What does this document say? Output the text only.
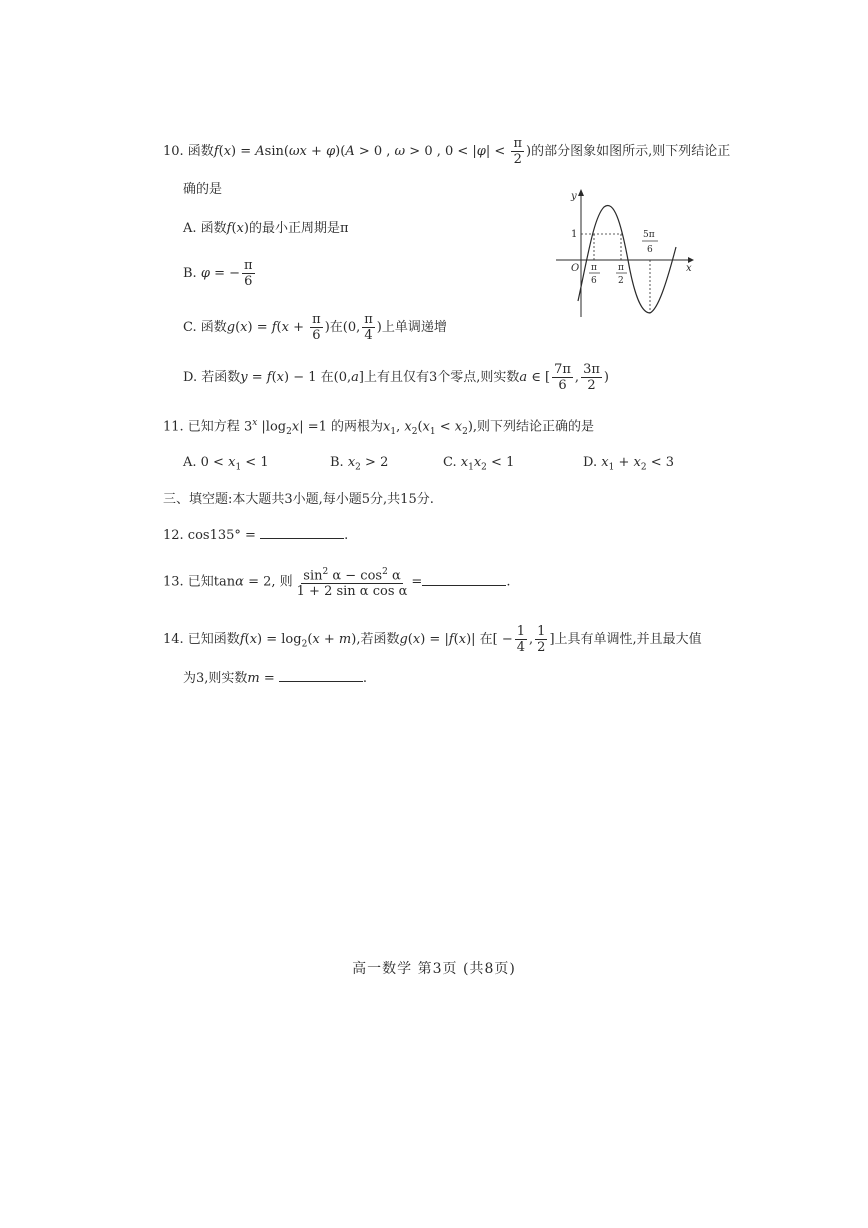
10. 函数f(x) = Asin(ωx + φ)(A > 0 , ω > 0 , $0 < |\varphi| < \frac{\pi}{2}$ )的部分图象如图所示,则下列结论正
确的是
A. 函数f(x)的最小正周期是π
B. φ = − $\frac{\pi}{6}$
C. 函数$g(x) = f(x + \frac{\pi}{6}$ )在(0, $\frac{\pi}{4}$ )上单调递增
D. 若函数y = f(x) − 1 在(0,a]上有且仅有3个零点,则实数a ∈ [ $\frac{7\pi}{6}$ , $\frac{3\pi}{2}$ )
y
x
O
1
π
6
π
2
5π
6
11. 已知方程 3$^x$ $|\log_2x| =1$ 的两根为$x_1$, $x_2(x_1 < x_2)$,则下列结论正确的是
A. $0 < x_1 < 1$	B. $x_2 > 2$	C. $x_1x_2 < 1$	D. $x_1 + x_2 < 3$
三、填空题:本大题共3小题,每小题5分,共15分.
12. cos135° =	.
13. 已知tanα = 2, 则 $\frac{\sin^2 \alpha - \cos^2 \alpha}{\text{1 + 2 sin α cos α}}$ =	.
14. 已知函数$f(x) = \log_2(x + m)$,若函数g(x) = |f(x)| 在[ − $\frac{1}{4}$ , $\frac{1}{2}$ ]上具有单调性,并且最大值
为3,则实数m =	.
高一数学 第3页 (共8页)
